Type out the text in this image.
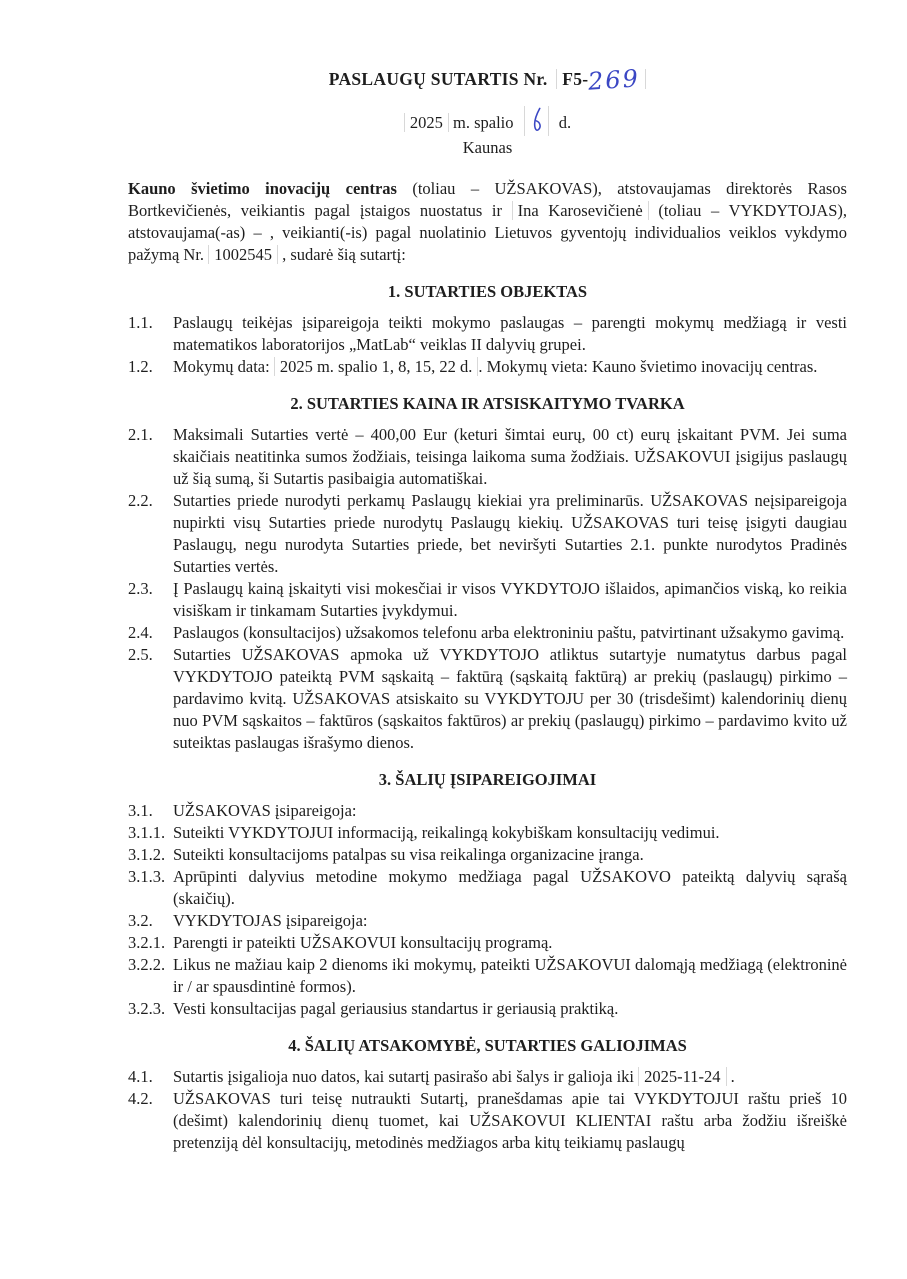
PASLAUGŲ SUTARTIS Nr. F5-269
2025 m. spalio	d.
Kaunas

Kauno švietimo inovacijų centras (toliau – UŽSAKOVAS), atstovaujamas direktorės Rasos Bortkevičienės, veikiantis pagal įstaigos nuostatus ir Ina Karosevičienė (toliau – VYKDYTOJAS), atstovaujama(-as) – , veikianti(-is) pagal nuolatinio Lietuvos gyventojų individualios veiklos vykdymo pažymą Nr. 1002545 , sudarė šią sutartį:

1. SUTARTIES OBJEKTAS
1.1.	Paslaugų teikėjas įsipareigoja teikti mokymo paslaugas – parengti mokymų medžiagą ir vesti matematikos laboratorijos „MatLab“ veiklas II dalyvių grupei.
1.2.	Mokymų data: 2025 m. spalio 1, 8, 15, 22 d. . Mokymų vieta: Kauno švietimo inovacijų centras.
2. SUTARTIES KAINA IR ATSISKAITYMO TVARKA
2.1.	Maksimali Sutarties vertė – 400,00 Eur (keturi šimtai eurų, 00 ct) eurų įskaitant PVM. Jei suma skaičiais neatitinka sumos žodžiais, teisinga laikoma suma žodžiais. UŽSAKOVUI įsigijus paslaugų už šią sumą, ši Sutartis pasibaigia automatiškai.
2.2.	Sutarties priede nurodyti perkamų Paslaugų kiekiai yra preliminarūs. UŽSAKOVAS neįsipareigoja nupirkti visų Sutarties priede nurodytų Paslaugų kiekių. UŽSAKOVAS turi teisę įsigyti daugiau Paslaugų, negu nurodyta Sutarties priede, bet neviršyti Sutarties 2.1. punkte nurodytos Pradinės Sutarties vertės.
2.3.	Į Paslaugų kainą įskaityti visi mokesčiai ir visos VYKDYTOJO išlaidos, apimančios viską, ko reikia visiškam ir tinkamam Sutarties įvykdymui.
2.4.	Paslaugos (konsultacijos) užsakomos telefonu arba elektroniniu paštu, patvirtinant užsakymo gavimą.
2.5.	Sutarties UŽSAKOVAS apmoka už VYKDYTOJO atliktus sutartyje numatytus darbus pagal VYKDYTOJO pateiktą PVM sąskaitą – faktūrą (sąskaitą faktūrą) ar prekių (paslaugų) pirkimo – pardavimo kvitą. UŽSAKOVAS atsiskaito su VYKDYTOJU per 30 (trisdešimt) kalendorinių dienų nuo PVM sąskaitos – faktūros (sąskaitos faktūros) ar prekių (paslaugų) pirkimo – pardavimo kvito už suteiktas paslaugas išrašymo dienos.
3. ŠALIŲ ĮSIPAREIGOJIMAI
3.1.	UŽSAKOVAS įsipareigoja:
3.1.1. Suteikti VYKDYTOJUI informaciją, reikalingą kokybiškam konsultacijų vedimui.
3.1.2. Suteikti konsultacijoms patalpas su visa reikalinga organizacine įranga.
3.1.3. Aprūpinti dalyvius metodine mokymo medžiaga pagal UŽSAKOVO pateiktą dalyvių sąrašą (skaičių).
3.2.	VYKDYTOJAS įsipareigoja:
3.2.1. Parengti ir pateikti UŽSAKOVUI konsultacijų programą.
3.2.2. Likus ne mažiau kaip 2 dienoms iki mokymų, pateikti UŽSAKOVUI dalomąją medžiagą (elektroninė ir / ar spausdintinė formos).
3.2.3. Vesti konsultacijas pagal geriausius standartus ir geriausią praktiką.
4. ŠALIŲ ATSAKOMYBĖ, SUTARTIES GALIOJIMAS
4.1.	Sutartis įsigalioja nuo datos, kai sutartį pasirašo abi šalys ir galioja iki 2025-11-24 .
4.2.	UŽSAKOVAS turi teisę nutraukti Sutartį, pranešdamas apie tai VYKDYTOJUI raštu prieš 10 (dešimt) kalendorinių dienų tuomet, kai UŽSAKOVUI KLIENTAI raštu arba žodžiu išreiškė pretenziją dėl konsultacijų, metodinės medžiagos arba kitų teikiamų paslaugų
